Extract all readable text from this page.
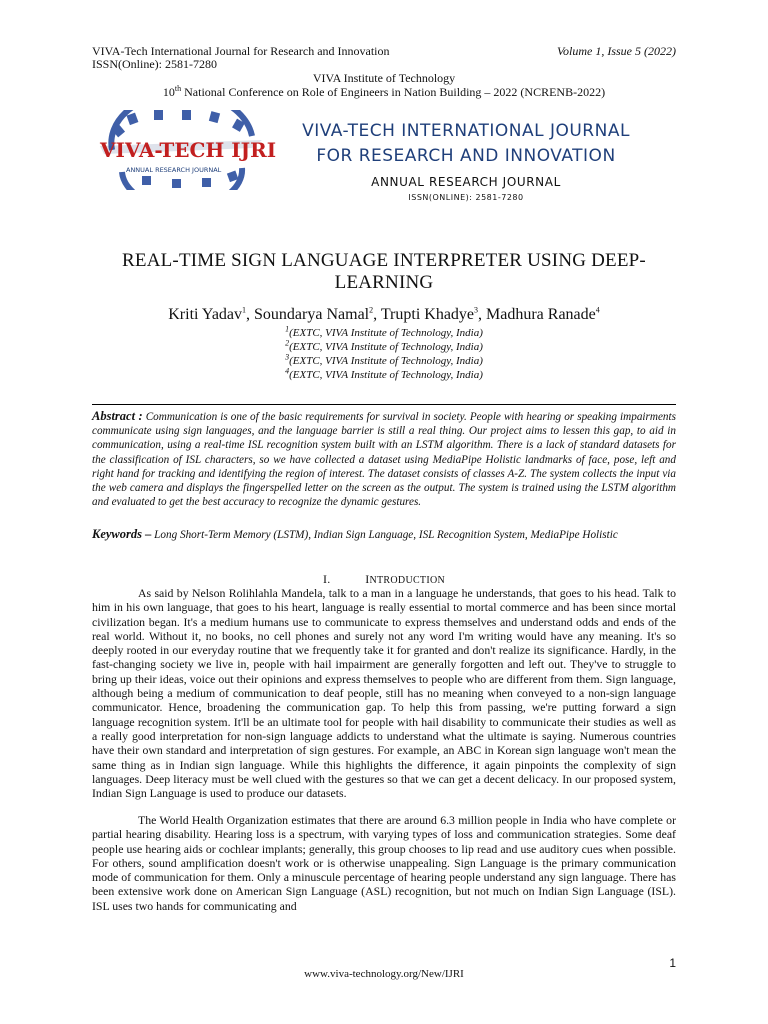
VIVA-Tech International Journal for Research and Innovation	Volume 1, Issue 5 (2022)
ISSN(Online): 2581-7280
VIVA Institute of Technology
10th National Conference on Role of Engineers in Nation Building – 2022 (NCRENB-2022)
VIVA-TECH IJRI
ANNUAL RESEARCH JOURNAL
VIVA-TECH INTERNATIONAL JOURNAL
FOR RESEARCH AND INNOVATION
ANNUAL RESEARCH JOURNAL
ISSN(ONLINE): 2581-7280
REAL-TIME SIGN LANGUAGE INTERPRETER USING DEEP-
LEARNING
Kriti Yadav$^1$, Soundarya Namal$^2$, Trupti Khadye$^3$, Madhura Ranade$^4$
$^1$(EXTC, VIVA Institute of Technology, India)
$^2$(EXTC, VIVA Institute of Technology, India)
$^3$(EXTC, VIVA Institute of Technology, India)
$^4$(EXTC, VIVA Institute of Technology, India)
Abstract : Communication is one of the basic requirements for survival in society. People with hearing or speaking impairments communicate using sign languages, and the language barrier is still a real thing. Our project aims to lessen this gap, to aid in communication, using a real-time ISL recognition system built with an LSTM algorithm. There is a lack of standard datasets for the classification of ISL characters, so we have collected a dataset using MediaPipe Holistic landmarks of face, pose, left and right hand for tracking and identifying the region of interest. The dataset consists of classes A-Z. The system collects the input via the web camera and displays the fingerspelled letter on the screen as the output. The system is trained using the LSTM algorithm and evaluated to get the best accuracy to recognize the dynamic gestures.
Keywords – Long Short-Term Memory (LSTM), Indian Sign Language, ISL Recognition System, MediaPipe Holistic
I.	INTRODUCTION
As said by Nelson Rolihlahla Mandela, talk to a man in a language he understands, that goes to his head. Talk to him in his own language, that goes to his heart, language is really essential to mortal commerce and has been since mortal civilization began. It's a medium humans use to communicate to express themselves and understand odds and ends of the real world. Without it, no books, no cell phones and surely not any word I'm writing would have any meaning. It's so deeply rooted in our everyday routine that we frequently take it for granted and don't realize its significance. Hardly, in the fast-changing society we live in, people with hail impairment are generally forgotten and left out. They've to struggle to bring up their ideas, voice out their opinions and express themselves to people who are different from them. Sign language, although being a medium of communication to deaf people, still has no meaning when conveyed to a non-sign language communicator. Hence, broadening the communication gap. To help this from passing, we're putting forward a sign language recognition system. It'll be an ultimate tool for people with hail disability to communicate their studies as well as a really good interpretation for non-sign language addicts to understand what the ultimate is saying. Numerous countries have their own standard and interpretation of sign gestures. For example, an ABC in Korean sign language won't mean the same thing as in Indian sign language. While this highlights the difference, it again pinpoints the complexity of sign languages. Deep literacy must be well clued with the gestures so that we can get a decent delicacy. In our proposed system, Indian Sign Language is used to produce our datasets.
The World Health Organization estimates that there are around 6.3 million people in India who have complete or partial hearing disability. Hearing loss is a spectrum, with varying types of loss and communication strategies. Some deaf people use hearing aids or cochlear implants; generally, this group chooses to lip read and use auditory cues when possible. For others, sound amplification doesn't work or is otherwise unappealing. Sign Language is the primary communication mode of communication for them. Only a minuscule percentage of hearing people understand any sign language. There has been extensive work done on American Sign Language (ASL) recognition, but not much on Indian Sign Language (ISL). ISL uses two hands for communicating and
1
www.viva-technology.org/New/IJRI
